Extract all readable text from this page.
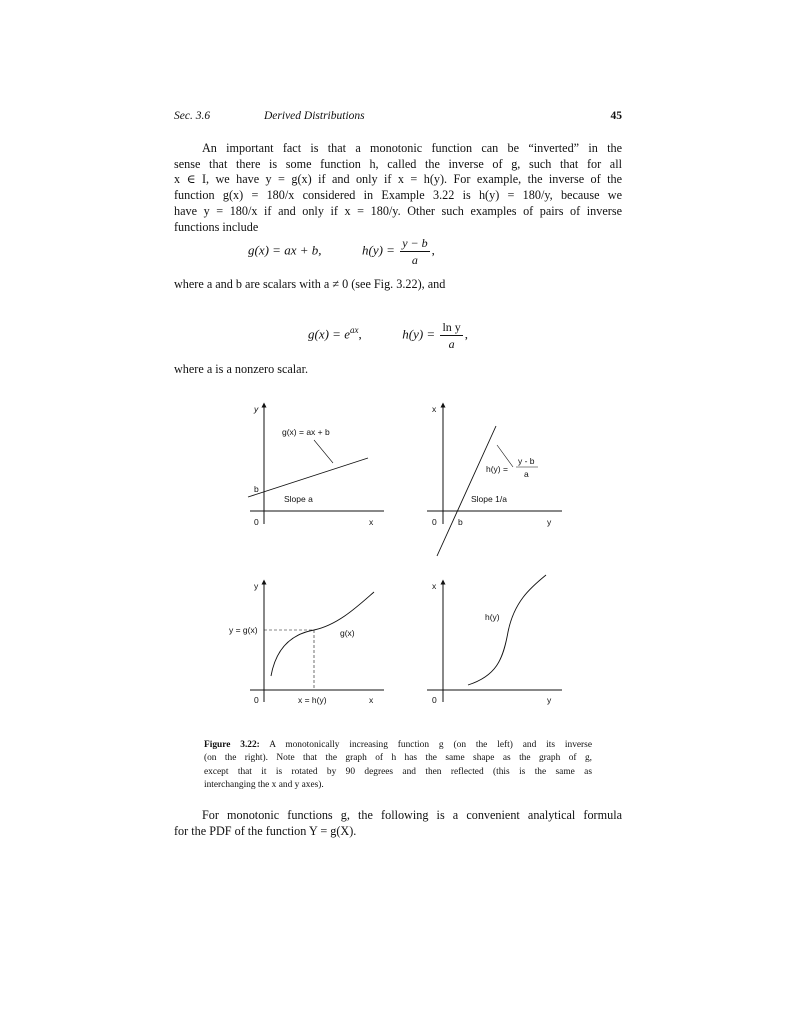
Sec. 3.6	Derived Distributions	45
An important fact is that a monotonic function can be “inverted” in the
sense that there is some function h, called the inverse of g, such that for all
x ∈ I, we have y = g(x) if and only if x = h(y). For example, the inverse of the
function g(x) = 180/x considered in Example 3.22 is h(y) = 180/y, because we
have y = 180/x if and only if x = 180/y. Other such examples of pairs of inverse
functions include
g(x) = ax + b,	$h(y) = \frac{y - b}{a}$ ,
where a and b are scalars with a ≠ 0 (see Fig. 3.22), and
$g(x) = e^{ax}$,	$h(y) = \frac{\text{ln y}}{a}$ ,
where a is a nonzero scalar.
y
x
0
b
g(x) = ax + b
Slope a
x
y
0	b
h(y) =
y - b
a
Slope 1/a
y
x
0
y = g(x)
x = h(y)
g(x)
x
y
0
h(y)
Figure 3.22: A monotonically increasing function g (on the left) and its inverse
(on the right). Note that the graph of h has the same shape as the graph of g,
except that it is rotated by 90 degrees and then reflected (this is the same as
interchanging the x and y axes).
For monotonic functions g, the following is a convenient analytical formula
for the PDF of the function Y = g(X).
